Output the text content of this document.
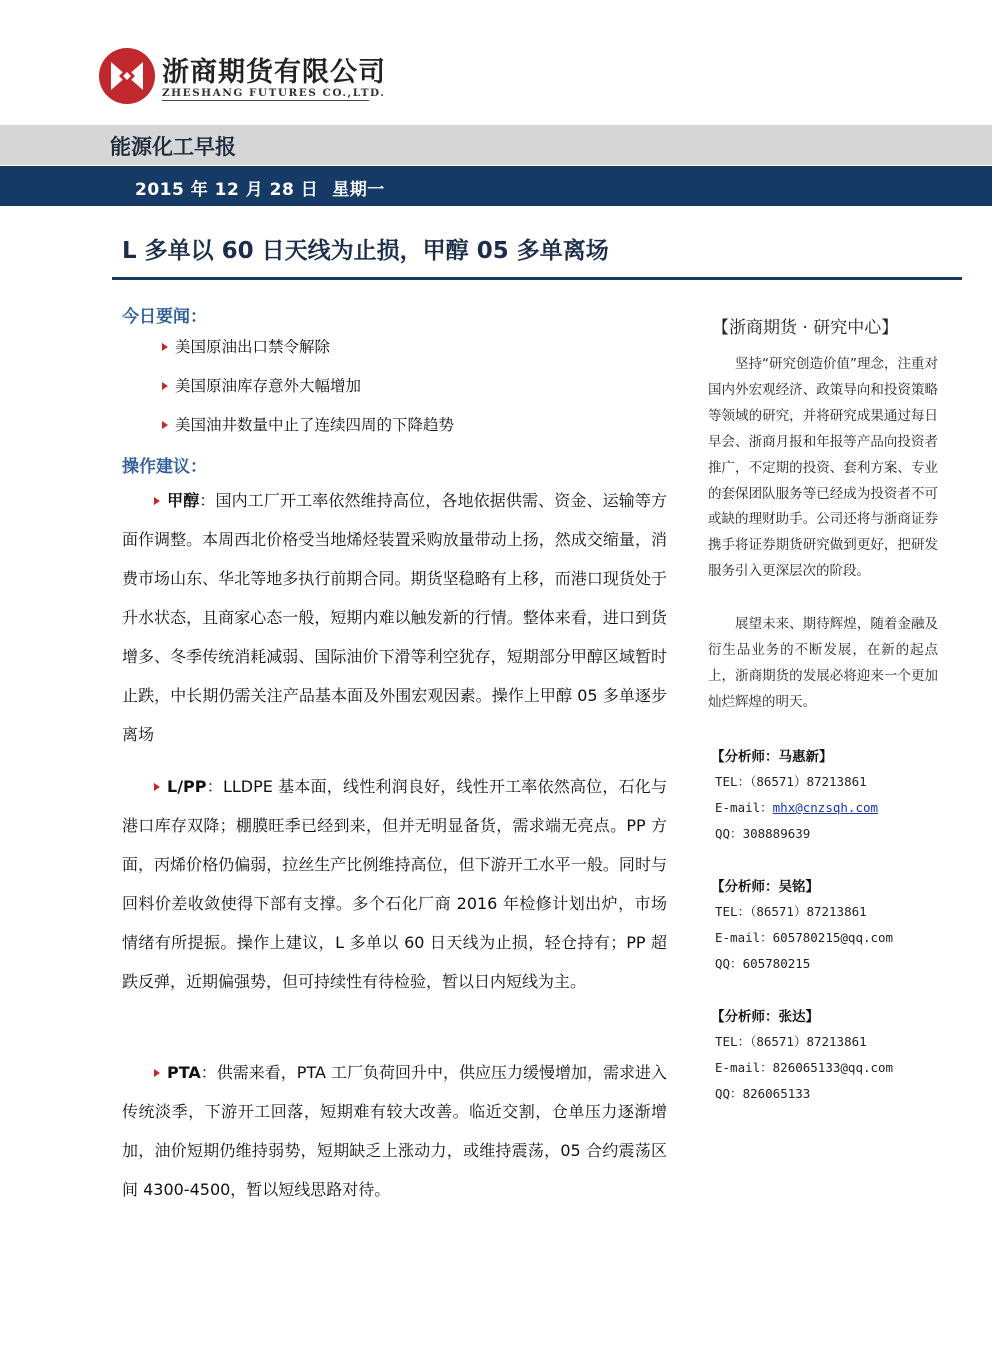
浙商期货有限公司
ZHESHANG FUTURES CO.,LTD.
能源化工早报
2015 年 12 月 28 日 星期一
L 多单以 60 日天线为止损，甲醇 05 多单离场
今日要闻：
美国原油出口禁令解除
美国原油库存意外大幅增加
美国油井数量中止了连续四周的下降趋势
操作建议：

甲醇：国内工厂开工率依然维持高位，各地依据供需、资金、运输等方面作调整。本周西北价格受当地烯烃装置采购放量带动上扬，然成交缩量，消费市场山东、华北等地多执行前期合同。期货坚稳略有上移，而港口现货处于升水状态，且商家心态一般，短期内难以触发新的行情。整体来看，进口到货增多、冬季传统消耗减弱、国际油价下滑等利空犹存，短期部分甲醇区域暂时止跌，中长期仍需关注产品基本面及外围宏观因素。操作上甲醇 05 多单逐步离场

L/PP：LLDPE 基本面，线性利润良好，线性开工率依然高位，石化与港口库存双降；棚膜旺季已经到来，但并无明显备货，需求端无亮点。PP 方面，丙烯价格仍偏弱，拉丝生产比例维持高位，但下游开工水平一般。同时与回料价差收敛使得下部有支撑。多个石化厂商 2016 年检修计划出炉，市场情绪有所提振。操作上建议，L 多单以 60 日天线为止损，轻仓持有；PP 超跌反弹，近期偏强势，但可持续性有待检验，暂以日内短线为主。

PTA：供需来看，PTA 工厂负荷回升中，供应压力缓慢增加，需求进入传统淡季，下游开工回落，短期难有较大改善。临近交割，仓单压力逐渐增加，油价短期仍维持弱势，短期缺乏上涨动力，或维持震荡，05 合约震荡区间 4300-4500，暂以短线思路对待。

【浙商期货 · 研究中心】

坚持“研究创造价值”理念，注重对国内外宏观经济、政策导向和投资策略等领域的研究，并将研究成果通过每日早会、浙商月报和年报等产品向投资者推广，不定期的投资、套利方案、专业的套保团队服务等已经成为投资者不可或缺的理财助手。公司还将与浙商证券携手将证券期货研究做到更好，把研发服务引入更深层次的阶段。

展望未来、期待辉煌，随着金融及衍生品业务的不断发展，在新的起点上，浙商期货的发展必将迎来一个更加灿烂辉煌的明天。

【分析师：马惠新】
TEL：（86571）87213861
E-mail：mhx@cnzsqh.com
QQ：308889639
【分析师：吴铭】
TEL：（86571）87213861
E-mail：605780215@qq.com
QQ：605780215
【分析师：张达】
TEL：（86571）87213861
E-mail：826065133@qq.com
QQ：826065133
